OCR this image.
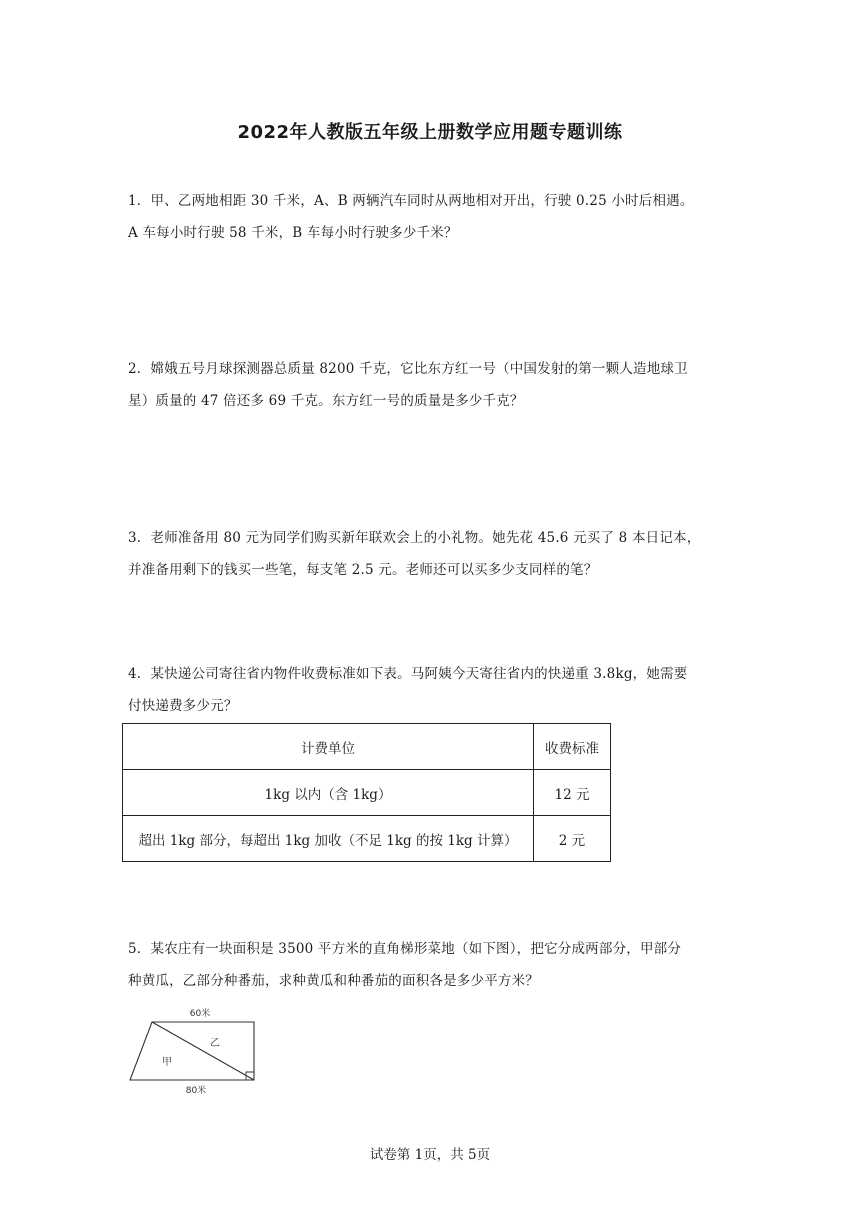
2022年人教版五年级上册数学应用题专题训练
1．甲、乙两地相距 30 千米，A、B 两辆汽车同时从两地相对开出，行驶 0.25 小时后相遇。
A 车每小时行驶 58 千米，B 车每小时行驶多少千米？
2．嫦娥五号月球探测器总质量 8200 千克，它比东方红一号（中国发射的第一颗人造地球卫
星）质量的 47 倍还多 69 千克。东方红一号的质量是多少千克？
3．老师准备用 80 元为同学们购买新年联欢会上的小礼物。她先花 45.6 元买了 8 本日记本，
并准备用剩下的钱买一些笔，每支笔 2.5 元。老师还可以买多少支同样的笔？
4．某快递公司寄往省内物件收费标准如下表。马阿姨今天寄往省内的快递重 3.8kg，她需要
付快递费多少元？
计费单位	收费标准
1kg 以内（含 1kg）	12 元
超出 1kg 部分，每超出 1kg 加收（不足 1kg 的按 1kg 计算）	2 元
5．某农庄有一块面积是 3500 平方米的直角梯形菜地（如下图），把它分成两部分，甲部分
种黄瓜，乙部分种番茄，求种黄瓜和种番茄的面积各是多少平方米？
60米
80米
甲
乙
试卷第 1页，共 5页
